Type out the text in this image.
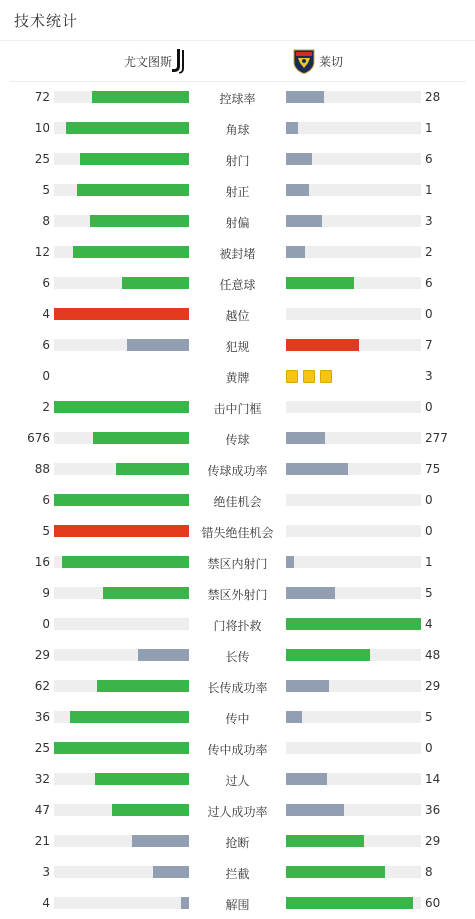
技术统计
尤文图斯	莱切
72	控球率	28
10	角球	1
25	射门	6
5	射正	1
8	射偏	3
12	被封堵	2
6	任意球	6
4	越位	0
6	犯规	7
0	黄牌	3
2	击中门框	0
676	传球	277
88	传球成功率	75
6	绝佳机会	0
5	错失绝佳机会	0
16	禁区内射门	1
9	禁区外射门	5
0	门将扑救	4
29	长传	48
62	长传成功率	29
36	传中	5
25	传中成功率	0
32	过人	14
47	过人成功率	36
21	抢断	29
3	拦截	8
4	解围	60
